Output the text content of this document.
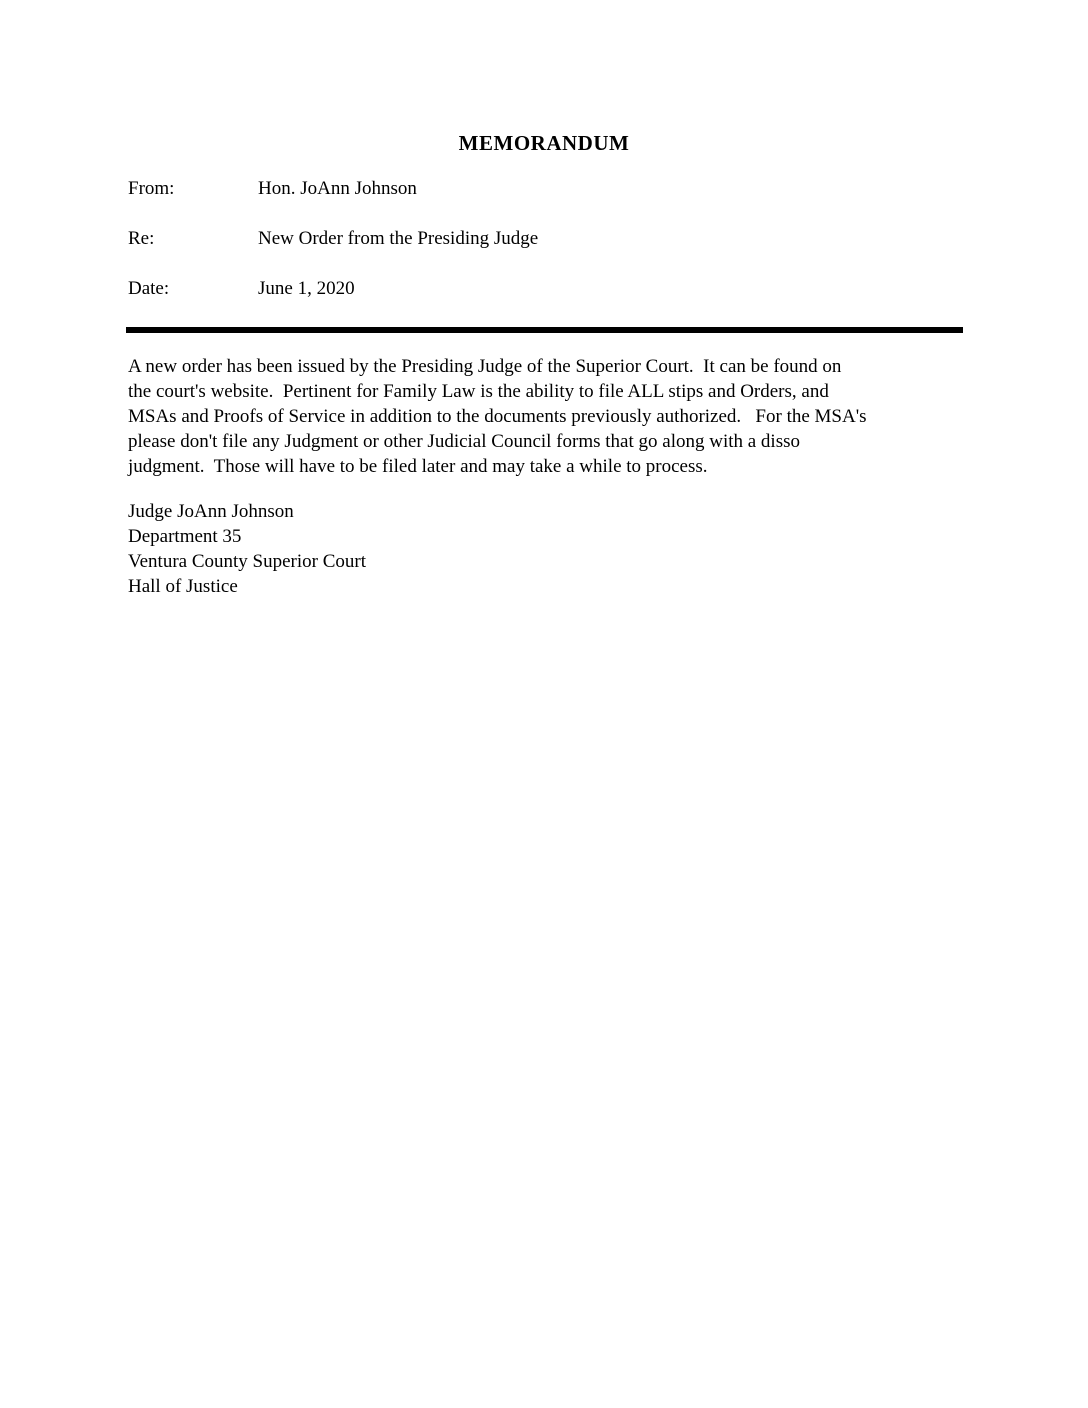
MEMORANDUM
From:	Hon. JoAnn Johnson
Re:	New Order from the Presiding Judge
Date:	June 1, 2020
A new order has been issued by the Presiding Judge of the Superior Court.  It can be found on
the court's website.  Pertinent for Family Law is the ability to file ALL stips and Orders, and
MSAs and Proofs of Service in addition to the documents previously authorized.   For the MSA's
please don't file any Judgment or other Judicial Council forms that go along with a disso
judgment.  Those will have to be filed later and may take a while to process.
Judge JoAnn Johnson
Department 35
Ventura County Superior Court
Hall of Justice
